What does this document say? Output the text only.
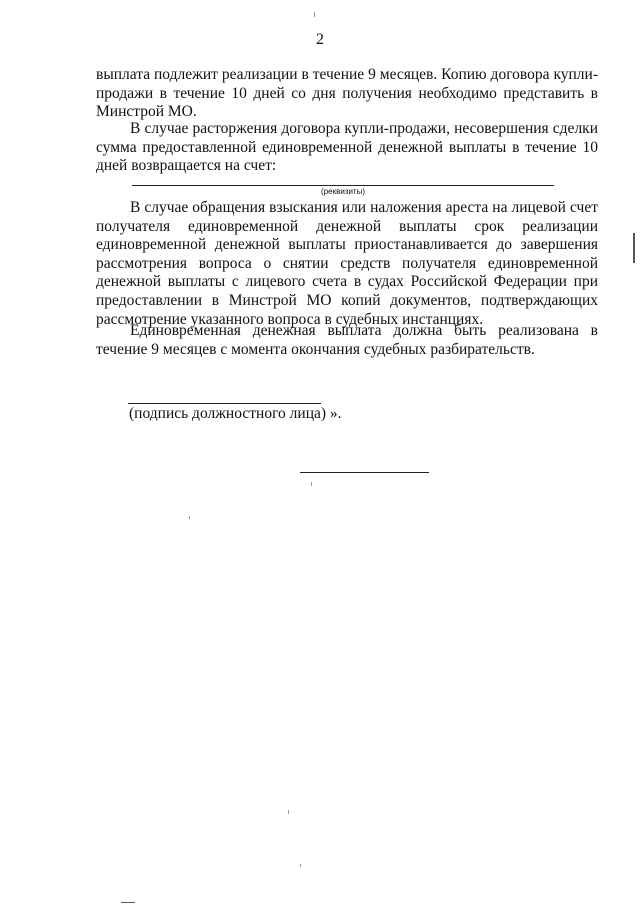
2
выплата подлежит реализации в течение 9 месяцев. Копию договора купли-продажи в течение 10 дней со дня получения необходимо представить в Минстрой МО.
В случае расторжения договора купли-продажи, несовершения сделки сумма предоставленной единовременной денежной выплаты в течение 10 дней возвращается на счет:
(реквизиты)
В случае обращения взыскания или наложения ареста на лицевой счет получателя единовременной денежной выплаты срок реализации единовременной денежной выплаты приостанавливается до завершения рассмотрения вопроса о снятии средств получателя единовременной денежной выплаты с лицевого счета в судах Российской Федерации при предоставлении в Минстрой МО копий документов, подтверждающих рассмотрение указанного вопроса в судебных инстанциях.
Единовременная денежная выплата должна быть реализована в течение 9 месяцев с момента окончания судебных разбирательств.
(подпись должностного лица) ».
